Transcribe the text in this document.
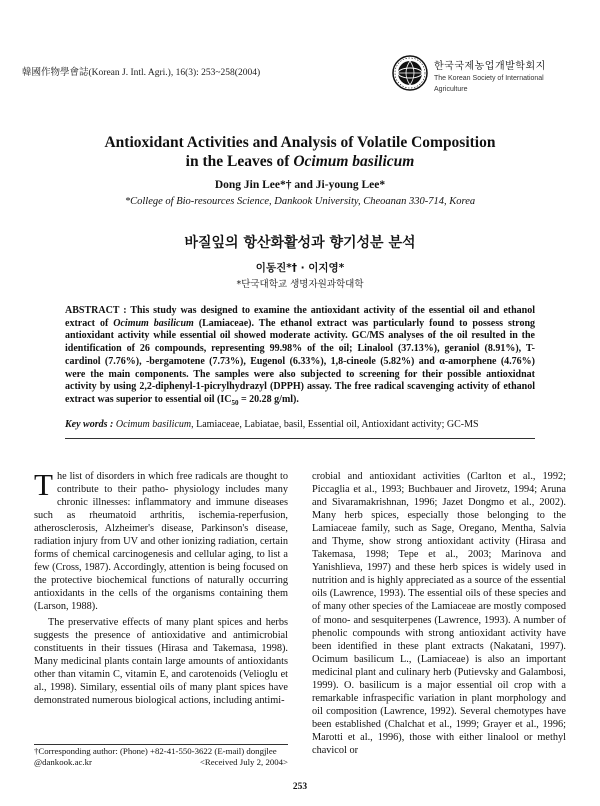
韓國作物學會誌(Korean J. Intl. Agri.), 16(3): 253~258(2004)
한국국제농업개발학회지
The Korean Society of International
Agriculture
Antioxidant Activities and Analysis of Volatile Composition
in the Leaves of Ocimum basilicum
Dong Jin Lee*† and Ji-young Lee*
*College of Bio-resources Science, Dankook University, Cheoanan 330-714, Korea
바질잎의 항산화활성과 향기성분 분석
이동진*† · 이지영*
*단국대학교 생명자원과학대학
ABSTRACT : This study was designed to examine the antioxidant activity of the essential oil and ethanol extract of Ocimum basilicum (Lamiaceae). The ethanol extract was particularly found to possess strong antioxidant activity while essential oil showed moderate activity. GC/MS analyses of the oil resulted in the identification of 26 compounds, representing 99.98% of the oil; Linalool (37.13%), geraniol (8.91%), T-cardinol (7.76%), -bergamotene (7.73%), Eugenol (6.33%), 1,8-cineole (5.82%) and α-amorphene (4.76%) were the main components. The samples were also subjected to screening for their possible antioxidnat activity by using 2,2-diphenyl-1-picrylhydrazyl (DPPH) assay. The free radical scavenging activity of ethanol extract was superior to essential oil ($IC_{50} = 20.28$ g/ml).
Key words : Ocimum basilicum, Lamiaceae, Labiatae, basil, Essential oil, Antioxidant activity; GC-MS

The list of disorders in which free radicals are thought to contribute to their patho- physiology includes many chronic illnesses: inflammatory and immune diseases such as rheumatoid arthritis, ischemia-reperfusion, atherosclerosis, Alzheimer's disease, Parkinson's disease, radiation injury from UV and other ionizing radiation, certain forms of chemical carcinogenesis and cellular aging, to list a few (Cross, 1987). Accordingly, attention is being focused on the protective biochemical functions of naturally occurring antioxidants in the cells of the organisms containing them (Larson, 1988).

The preservative effects of many plant spices and herbs suggests the presence of antioxidative and antimicrobial constituents in their tissues (Hirasa and Takemasa, 1998). Many medicinal plants contain large amounts of antioxidants other than vitamin C, vitamin E, and carotenoids (Velioglu et al., 1998). Similary, essential oils of many plant spices have demonstrated numerous biological actions, including antimi-

crobial and antioxidant activities (Carlton et al., 1992; Piccaglia et al., 1993; Buchbauer and Jirovetz, 1994; Aruna and Sivaramakrishnan, 1996; Jazet Dongmo et al., 2002). Many herb spices, especially those belonging to the Lamiaceae family, such as Sage, Oregano, Mentha, Salvia and Thyme, show strong antioxidant activity (Hirasa and Takemasa, 1998; Tepe et al., 2003; Marinova and Yanishlieva, 1997) and these herb spices is widely used in nutrition and is highly appreciated as a source of the essential oils (Lawrence, 1993). The essential oils of these species and of many other species of the Lamiaceae are mostly composed of mono- and sesquiterpenes (Lawrence, 1993). A number of phenolic compounds with strong antioxidant activity have been identified in these plant extracts (Nakatani, 1997). Ocimum basilicum L., (Lamiaceae) is also an important medicinal plant and culinary herb (Putievsky and Galambosi, 1999). O. basilicum is a major essential oil crop with a remarkable infraspecific variation in plant morphology and oil composition (Lawrence, 1992). Several chemotypes have been established (Chalchat et al., 1999; Grayer et al., 1996; Marotti et al., 1996), those with either linalool or methyl chavicol or

†Corresponding author: (Phone) +82-41-550-3622 (E-mail) dongjlee
@dankook.ac.kr	<Received July 2, 2004>
253
